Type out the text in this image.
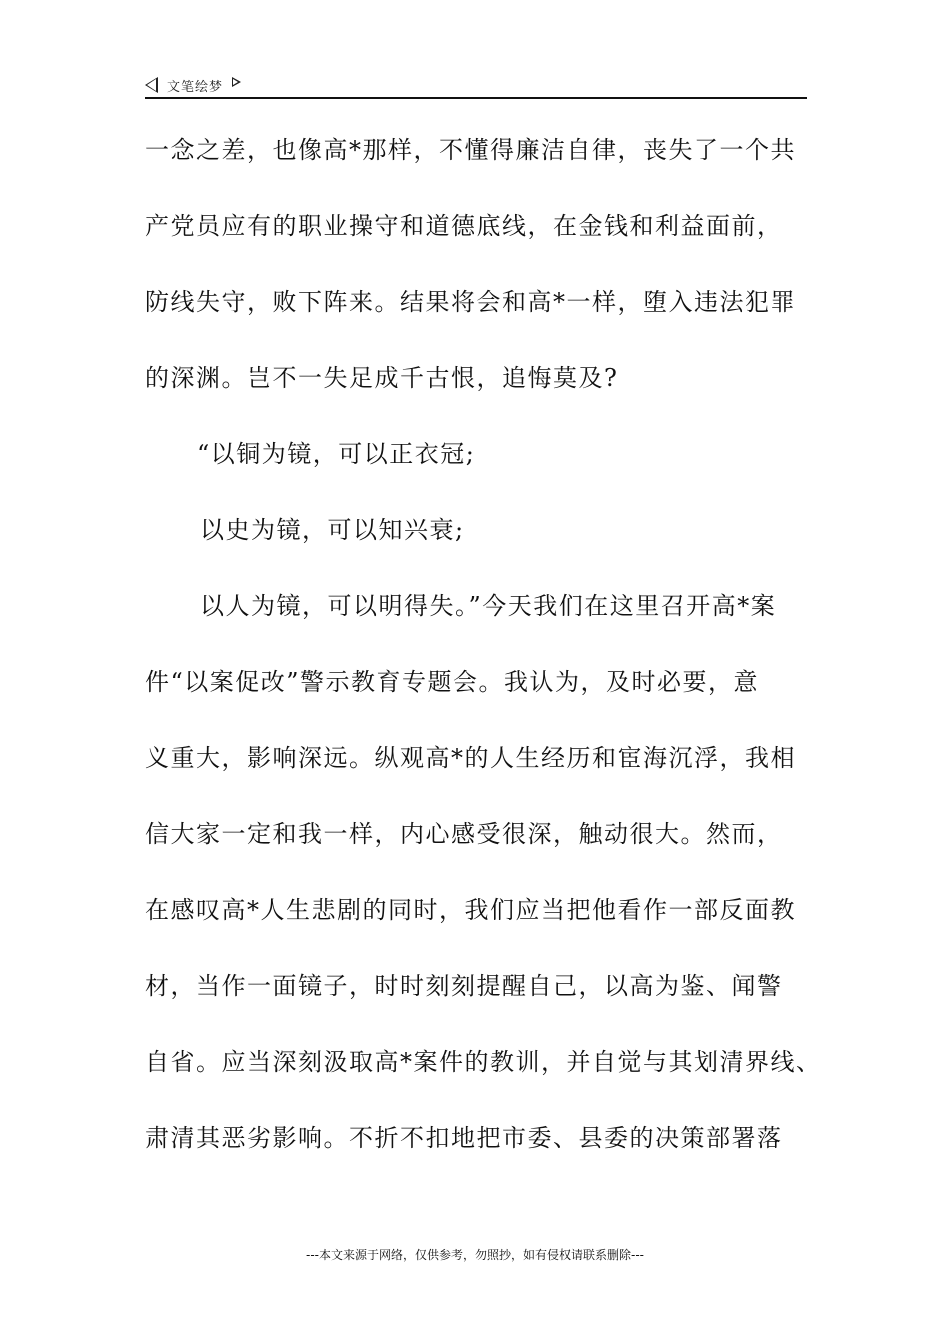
文笔绘梦
一念之差，也像高*那样，不懂得廉洁自律，丧失了一个共
产党员应有的职业操守和道德底线，在金钱和利益面前，
防线失守，败下阵来。结果将会和高*一样，堕入违法犯罪
的深渊。岂不一失足成千古恨，追悔莫及?
“以铜为镜，可以正衣冠;
以史为镜，可以知兴衰;
以人为镜，可以明得失。”今天我们在这里召开高*案
件“以案促改”警示教育专题会。我认为，及时必要，意
义重大，影响深远。纵观高*的人生经历和宦海沉浮，我相
信大家一定和我一样，内心感受很深，触动很大。然而，
在感叹高*人生悲剧的同时，我们应当把他看作一部反面教
材，当作一面镜子，时时刻刻提醒自己，以高为鉴、闻警
自省。应当深刻汲取高*案件的教训，并自觉与其划清界线、
肃清其恶劣影响。不折不扣地把市委、县委的决策部署落
---本文来源于网络，仅供参考，勿照抄，如有侵权请联系删除---
